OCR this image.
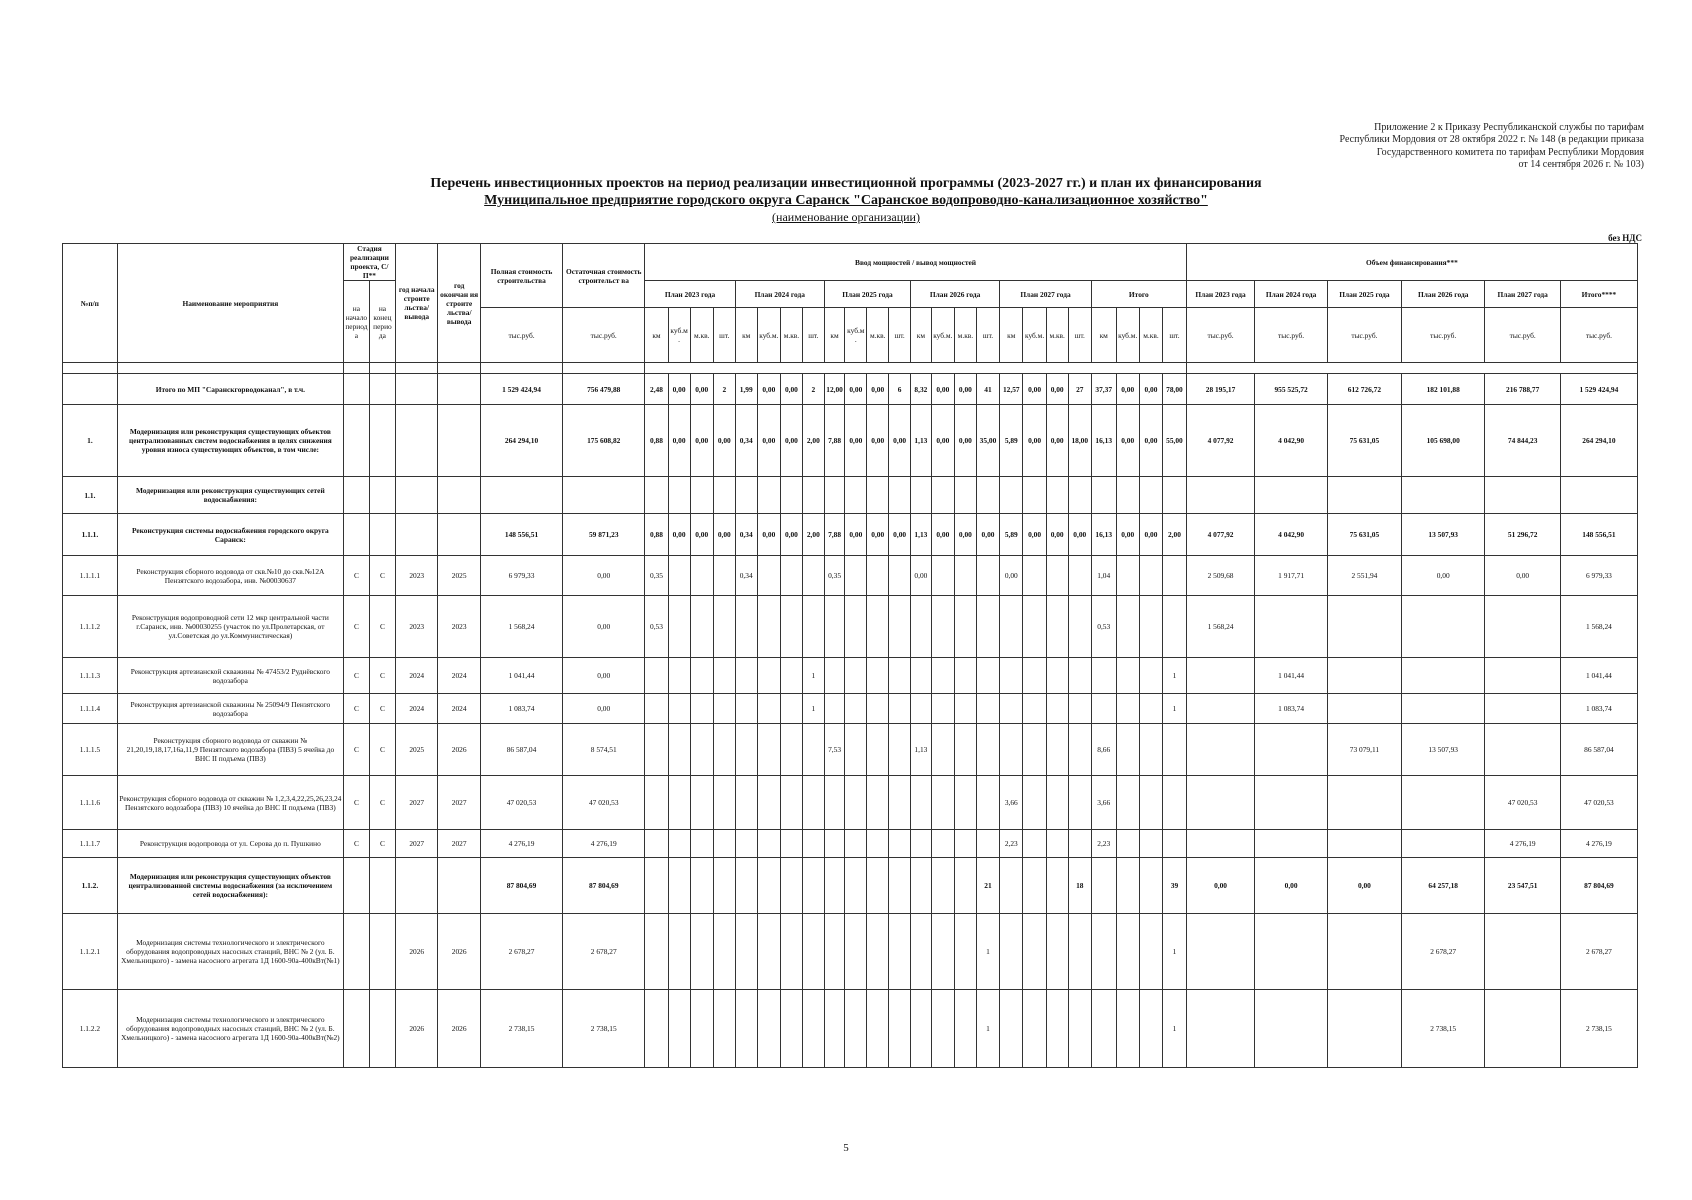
Приложение 2 к Приказу Республиканской службы по тарифам
Республики Мордовия от 28 октября 2022 г. № 148 (в редакции приказа
Государственного комитета по тарифам Республики Мордовия
от 14 сентября 2026 г. № 103)
Перечень инвестиционных проектов на период реализации инвестиционной программы (2023-2027 гг.) и план их финансирования
Муниципальное предприятие городского округа Саранск "Саранское водопроводно-канализационное хозяйство"
(наименование организации)
без НДС
№п/п	Наименование мероприятия	Стадия реализации проекта, С/П**		год начала строите льства/ вывода	год окончан ия строите льства/ вывода	Полная стоимость строительства	Остаточная стоимость строительст ва	Ввод мощностей / вывод мощностей																								Объем финансирования***					
		на начало период а	на конец перио да					План 2023 года				План 2024 года				План 2025 года				План 2026 года				План 2027 года				Итого				План 2023 года	План 2024 года	План 2025 года	План 2026 года	План 2027 года	Итого****
						тыс.руб.	тыс.руб.	км	куб.м.	м.кв.	шт.	км	куб.м.	м.кв.	шт.	км	куб.м.	м.кв.	шт.	км	куб.м.	м.кв.	шт.	км	куб.м.	м.кв.	шт.	км	куб.м.	м.кв.	шт.	тыс.руб.	тыс.руб.	тыс.руб.	тыс.руб.	тыс.руб.	тыс.руб.

	Итого по МП "Саранскгорводоканал", в т.ч.					1 529 424,94	756 479,88	2,48	0,00	0,00	2	1,99	0,00	0,00	2	12,00	0,00	0,00	6	8,32	0,00	0,00	41	12,57	0,00	0,00	27	37,37	0,00	0,00	78,00	28 195,17	955 525,72	612 726,72	182 101,88	216 788,77	1 529 424,94
1.	Модернизация или реконструкция существующих объектов централизованных систем водоснабжения в целях снижения уровня износа существующих объектов, в том числе:					264 294,10	175 608,82	0,88	0,00	0,00	0,00	0,34	0,00	0,00	2,00	7,88	0,00	0,00	0,00	1,13	0,00	0,00	35,00	5,89	0,00	0,00	18,00	16,13	0,00	0,00	55,00	4 077,92	4 042,90	75 631,05	105 698,00	74 844,23	264 294,10
1.1.	Модернизация или реконструкция существующих сетей водоснабжения:																																				
1.1.1.	Реконструкция системы водоснабжения городского округа Саранск:					148 556,51	59 871,23	0,88	0,00	0,00	0,00	0,34	0,00	0,00	2,00	7,88	0,00	0,00	0,00	1,13	0,00	0,00	0,00	5,89	0,00	0,00	0,00	16,13	0,00	0,00	2,00	4 077,92	4 042,90	75 631,05	13 507,93	51 296,72	148 556,51
1.1.1.1	Реконструкция сборного водовода от скв.№10 до скв.№12А Пензятского водозабора, инв. №00030637	С	С	2023	2025	6 979,33	0,00	0,35				0,34				0,35				0,00				0,00				1,04				2 509,68	1 917,71	2 551,94	0,00	0,00	6 979,33
1.1.1.2	Реконструкция водопроводной сети 12 мкр центральной части г.Саранск, инв. №00030255 (участок по ул.Пролетарская, от ул.Советская до ул.Коммунистическая)	С	С	2023	2023	1 568,24	0,00	0,53																				0,53				1 568,24					1 568,24
1.1.1.3	Реконструкция артезианской скважины № 47453/2 Руднёвского водозабора	С	С	2024	2024	1 041,44	0,00								1																1		1 041,44				1 041,44
1.1.1.4	Реконструкция артезианской скважины № 25094/9 Пензятского водозабора	С	С	2024	2024	1 083,74	0,00								1																1		1 083,74				1 083,74
1.1.1.5	Реконструкция сборного водовода от скважин № 21,20,19,18,17,16а,11,9 Пензятского водозабора (ПВЗ) 5 ячейка до ВНС II подъема (ПВЗ)	С	С	2025	2026	86 587,04	8 574,51									7,53				1,13								8,66						73 079,11	13 507,93		86 587,04
1.1.1.6	Реконструкция сборного водовода от скважин № 1,2,3,4,22,25,26,23,24 Пензятского водозабора (ПВЗ) 10 ячейка до ВНС II подъема (ПВЗ)	С	С	2027	2027	47 020,53	47 020,53																	3,66				3,66								47 020,53	47 020,53
1.1.1.7	Реконструкция водопровода от ул. Серова до п. Пушкино	С	С	2027	2027	4 276,19	4 276,19																	2,23				2,23								4 276,19	4 276,19
1.1.2.	Модернизация или реконструкция существующих объектов централизованной системы водоснабжения (за исключением сетей водоснабжения):					87 804,69	87 804,69																21				18				39	0,00	0,00	0,00	64 257,18	23 547,51	87 804,69
1.1.2.1	Модернизация системы технологического и электрического оборудования водопроводных насосных станций, ВНС № 2 (ул. Б. Хмельницкого) - замена насосного агрегата 1Д 1600-90а-400кВт(№1)			2026	2026	2 678,27	2 678,27																1								1				2 678,27		2 678,27
1.1.2.2	Модернизация системы технологического и электрического оборудования водопроводных насосных станций, ВНС № 2 (ул. Б. Хмельницкого) - замена насосного агрегата 1Д 1600-90а-400кВт(№2)			2026	2026	2 738,15	2 738,15																1								1				2 738,15		2 738,15
5
